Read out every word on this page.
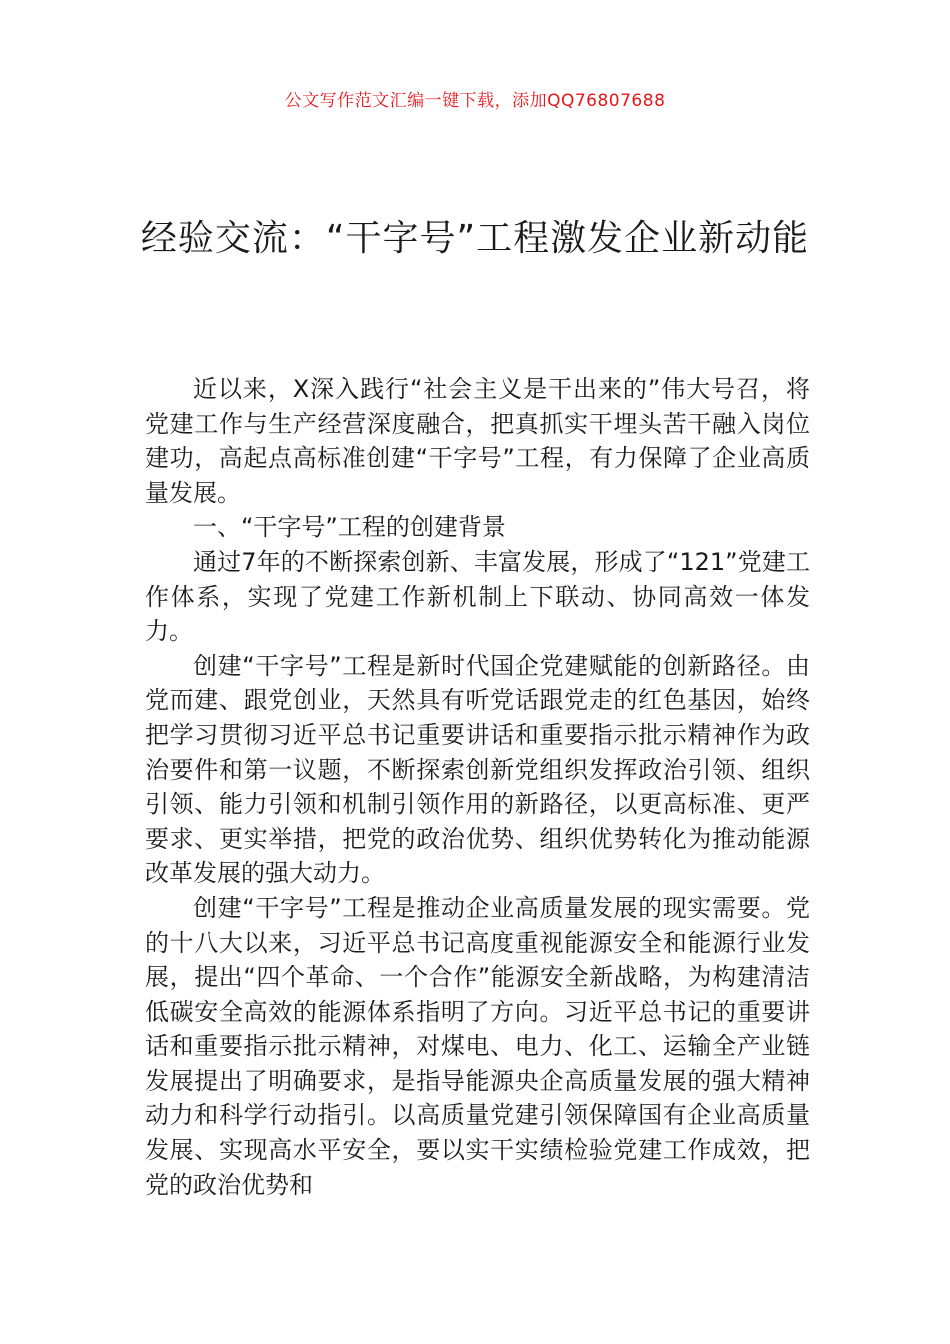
公文写作范文汇编一键下载，添加QQ76807688
经验交流：“干字号”工程激发企业新动能

近以来，X深入践行“社会主义是干出来的”伟大号召，将党建工作与生产经营深度融合，把真抓实干埋头苦干融入岗位建功，高起点高标准创建“干字号”工程，有力保障了企业高质量发展。

一、“干字号”工程的创建背景

通过7年的不断探索创新、丰富发展，形成了“121”党建工作体系，实现了党建工作新机制上下联动、协同高效一体发力。

创建“干字号”工程是新时代国企党建赋能的创新路径。由党而建、跟党创业，天然具有听党话跟党走的红色基因，始终把学习贯彻习近平总书记重要讲话和重要指示批示精神作为政治要件和第一议题，不断探索创新党组织发挥政治引领、组织引领、能力引领和机制引领作用的新路径，以更高标准、更严要求、更实举措，把党的政治优势、组织优势转化为推动能源改革发展的强大动力。

创建“干字号”工程是推动企业高质量发展的现实需要。党的十八大以来，习近平总书记高度重视能源安全和能源行业发展，提出“四个革命、一个合作”能源安全新战略，为构建清洁低碳安全高效的能源体系指明了方向。习近平总书记的重要讲话和重要指示批示精神，对煤电、电力、化工、运输全产业链发展提出了明确要求，是指导能源央企高质量发展的强大精神动力和科学行动指引。以高质量党建引领保障国有企业高质量发展、实现高水平安全，要以实干实绩检验党建工作成效，把党的政治优势和
